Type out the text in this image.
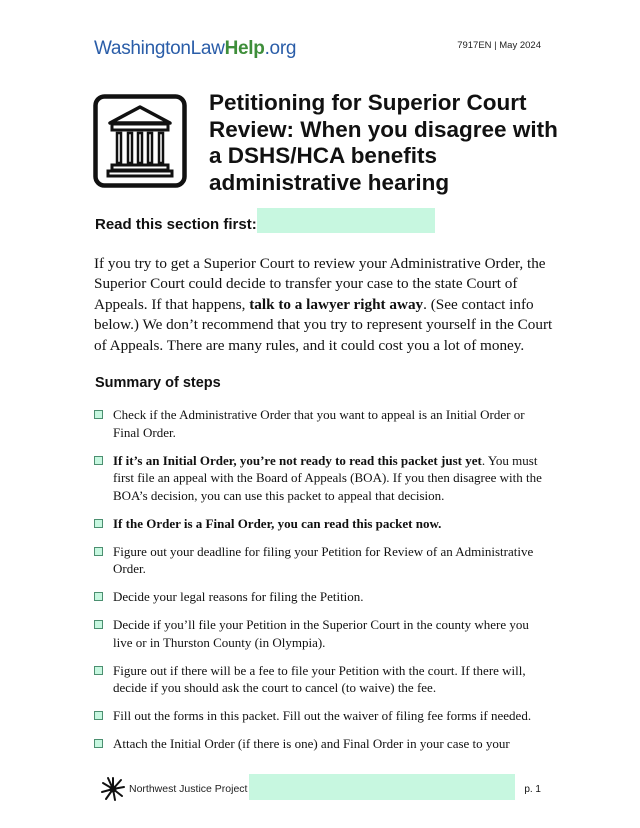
WashingtonLawHelp.org	7917EN | May 2024
Petitioning for Superior Court Review: When you disagree with a DSHS/HCA benefits administrative hearing
Read this section first:

If you try to get a Superior Court to review your Administrative Order, the Superior Court could decide to transfer your case to the state Court of Appeals. If that happens, talk to a lawyer right away. (See contact info below.) We don’t recommend that you try to represent yourself in the Court of Appeals. There are many rules, and it could cost you a lot of money.

Summary of steps
Check if the Administrative Order that you want to appeal is an Initial Order or Final Order.
If it’s an Initial Order, you’re not ready to read this packet just yet. You must first file an appeal with the Board of Appeals (BOA). If you then disagree with the BOA’s decision, you can use this packet to appeal that decision.
If the Order is a Final Order, you can read this packet now.
Figure out your deadline for filing your Petition for Review of an Administrative Order.
Decide your legal reasons for filing the Petition.
Decide if you’ll file your Petition in the Superior Court in the county where you live or in Thurston County (in Olympia).
Figure out if there will be a fee to file your Petition with the court. If there will, decide if you should ask the court to cancel (to waive) the fee.
Fill out the forms in this packet. Fill out the waiver of filing fee forms if needed.
Attach the Initial Order (if there is one) and Final Order in your case to your
Northwest Justice Project	p. 1
